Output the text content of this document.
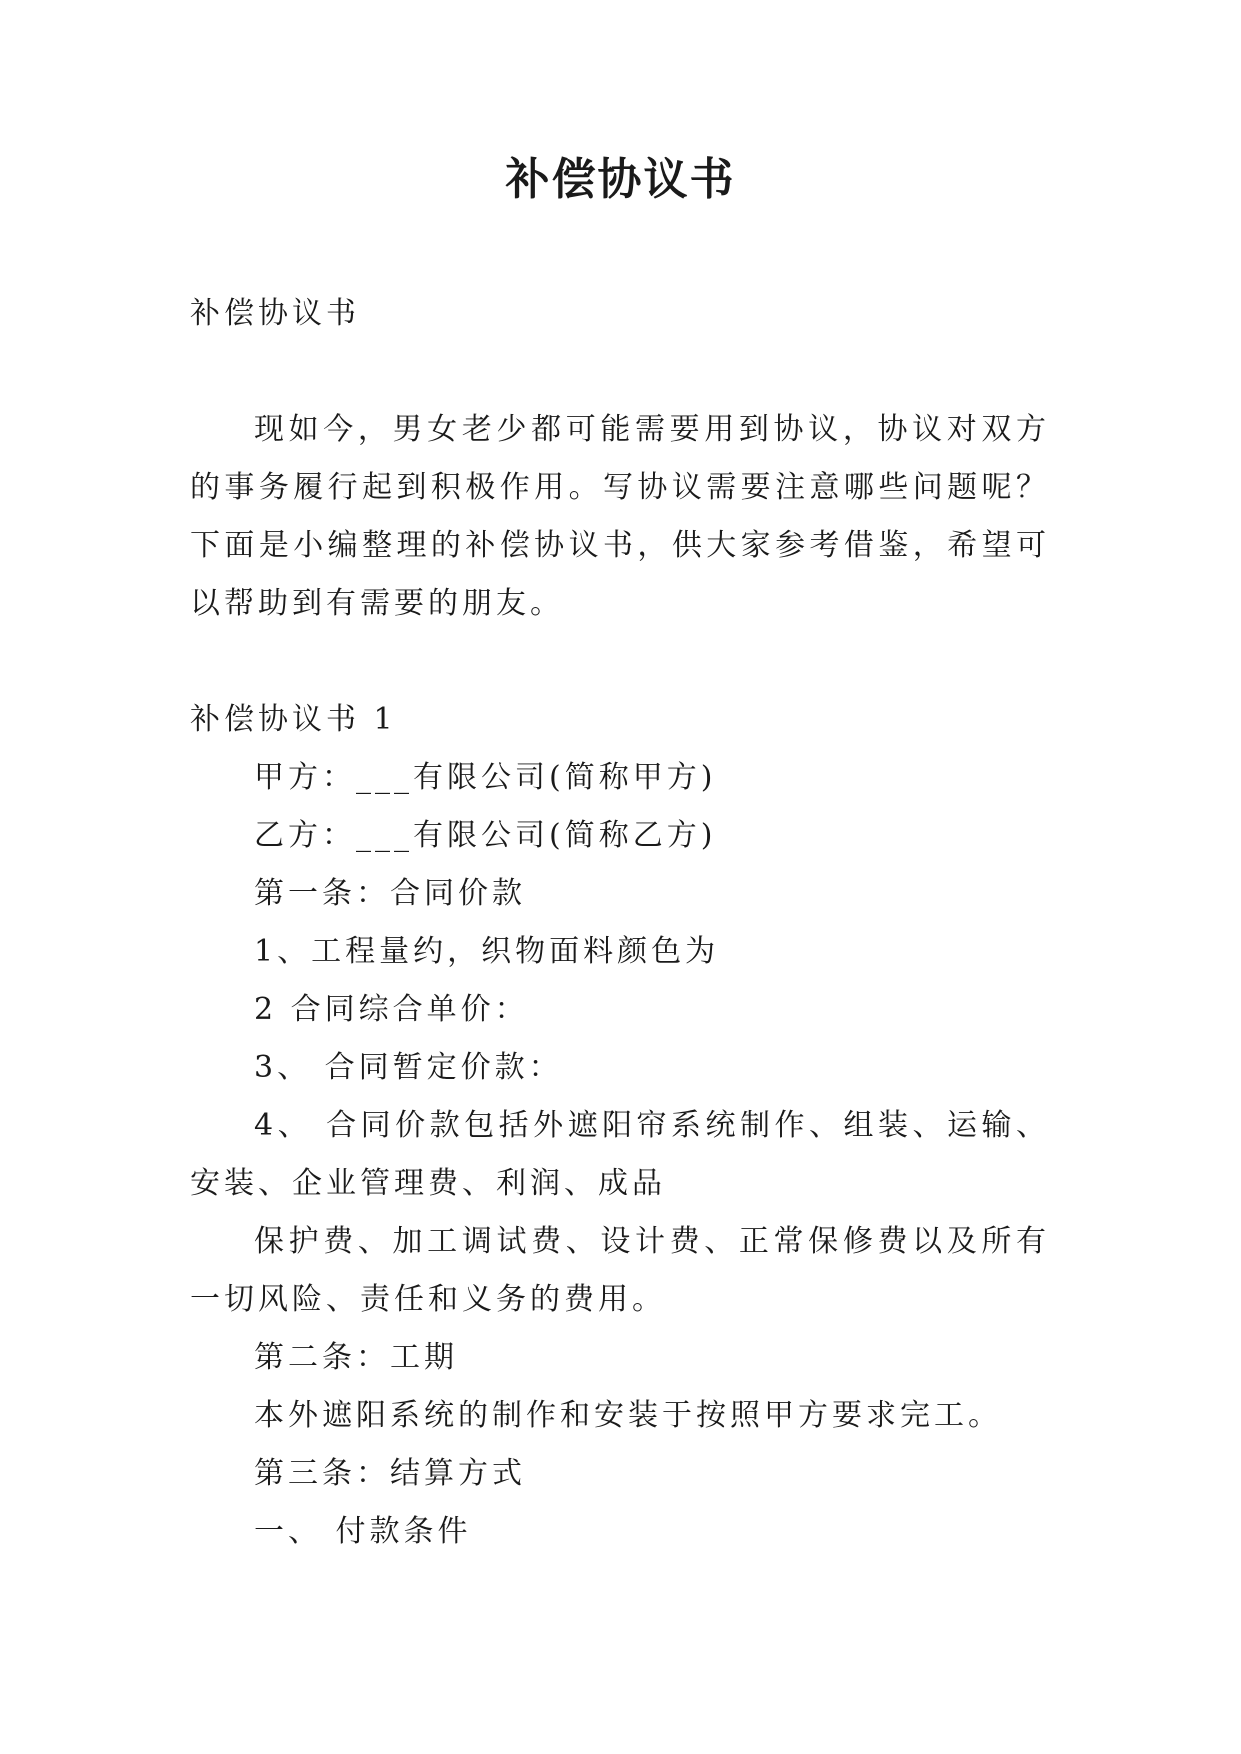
补偿协议书

补偿协议书

现如今，男女老少都可能需要用到协议，协议对双方的事务履行起到积极作用。写协议需要注意哪些问题呢？下面是小编整理的补偿协议书，供大家参考借鉴，希望可以帮助到有需要的朋友。

补偿协议书 1

甲方：___有限公司(简称甲方)

乙方：___有限公司(简称乙方)

第一条：合同价款

1、工程量约，织物面料颜色为

2 合同综合单价：

3、 合同暂定价款：

4、 合同价款包括外遮阳帘系统制作、组装、运输、安装、企业管理费、利润、成品

保护费、加工调试费、设计费、正常保修费以及所有一切风险、责任和义务的费用。

第二条：工期

本外遮阳系统的制作和安装于按照甲方要求完工。

第三条：结算方式

一、 付款条件
